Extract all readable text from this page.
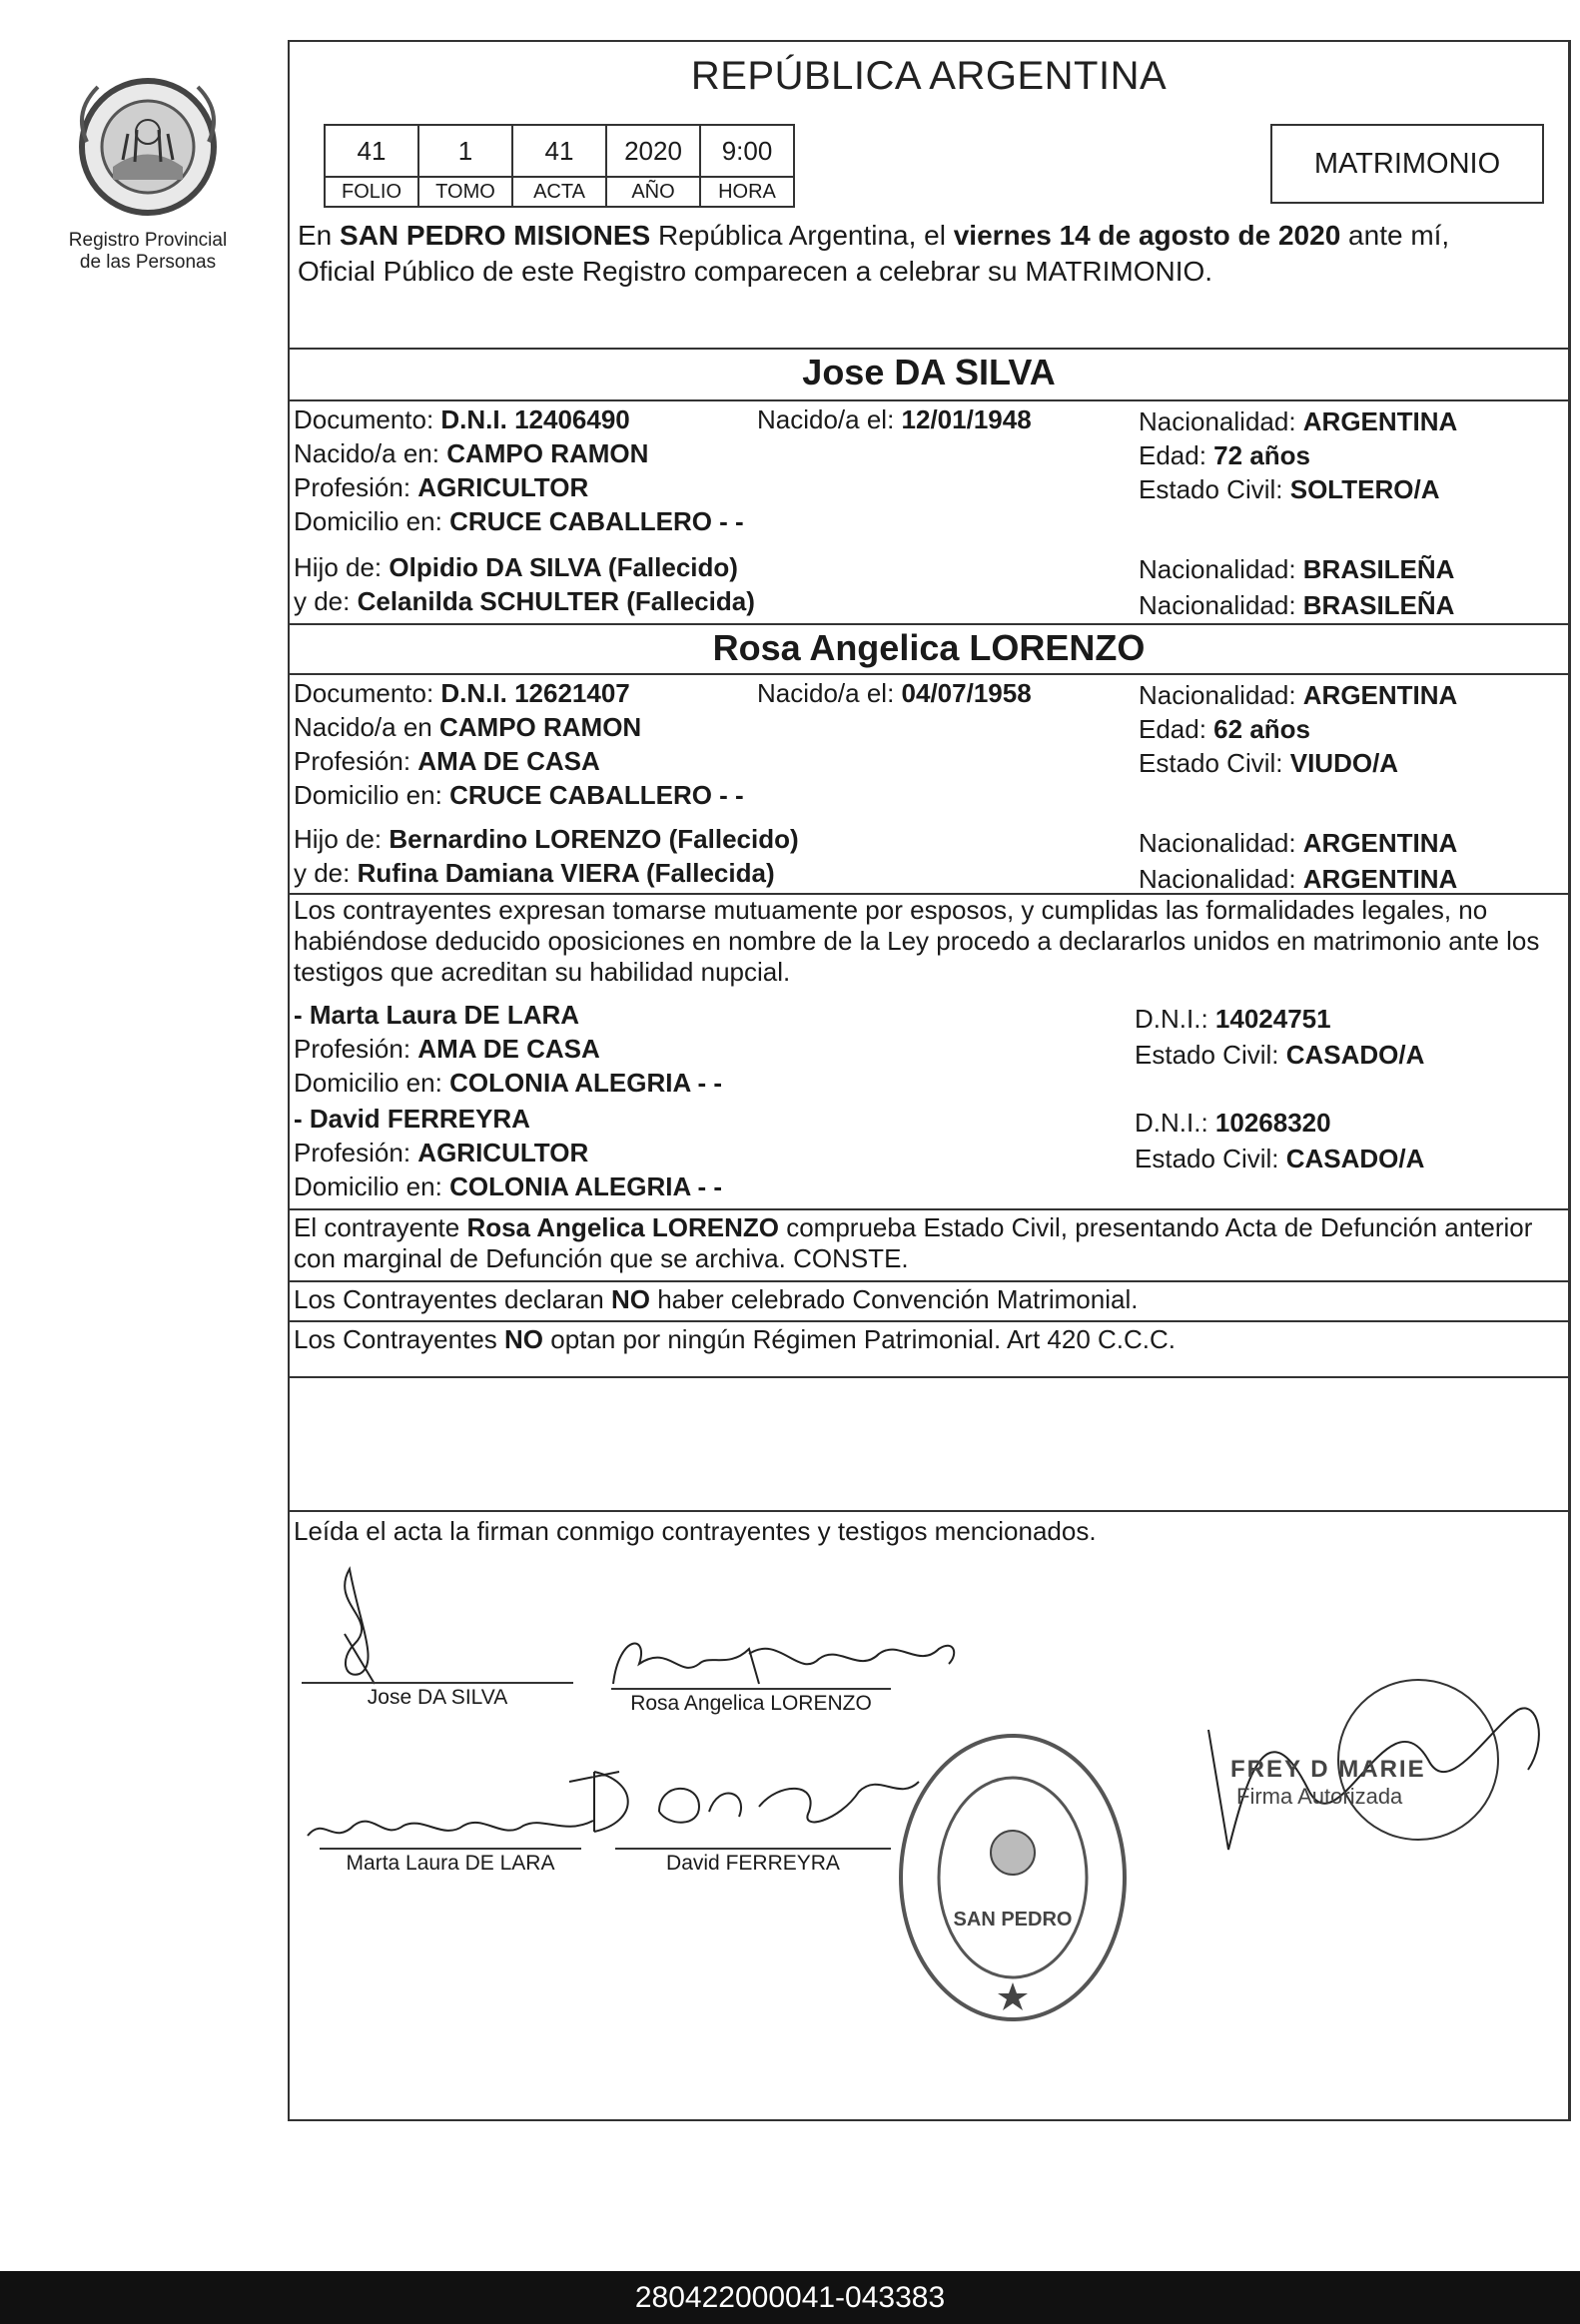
Registro Provincial
de las Personas
REPÚBLICA ARGENTINA
41	1	41	2020	9:00
FOLIO	TOMO	ACTA	AÑO	HORA
MATRIMONIO
En SAN PEDRO MISIONES República Argentina, el viernes 14 de agosto de 2020 ante mí,
Oficial Público de este Registro comparecen a celebrar su MATRIMONIO.
Jose DA SILVA
Documento: D.N.I. 12406490	Nacido/a el: 12/01/1948	Nacionalidad: ARGENTINA
Nacido/a en: CAMPO RAMON	Edad: 72 años
Profesión: AGRICULTOR	Estado Civil: SOLTERO/A
Domicilio en: CRUCE CABALLERO - -
Hijo de: Olpidio DA SILVA (Fallecido)	Nacionalidad: BRASILEÑA
y de: Celanilda SCHULTER (Fallecida)	Nacionalidad: BRASILEÑA
Rosa Angelica LORENZO
Documento: D.N.I. 12621407	Nacido/a el: 04/07/1958	Nacionalidad: ARGENTINA
Nacido/a en CAMPO RAMON	Edad: 62 años
Profesión: AMA DE CASA	Estado Civil: VIUDO/A
Domicilio en: CRUCE CABALLERO - -
Hijo de: Bernardino LORENZO (Fallecido)	Nacionalidad: ARGENTINA
y de: Rufina Damiana VIERA (Fallecida)	Nacionalidad: ARGENTINA
Los contrayentes expresan tomarse mutuamente por esposos, y cumplidas las formalidades legales, no habiéndose deducido oposiciones en nombre de la Ley procedo a declararlos unidos en matrimonio ante los testigos que acreditan su habilidad nupcial.
- Marta Laura DE LARA	D.N.I.: 14024751
Profesión: AMA DE CASA	Estado Civil: CASADO/A
Domicilio en: COLONIA ALEGRIA - -
- David FERREYRA	D.N.I.: 10268320
Profesión: AGRICULTOR	Estado Civil: CASADO/A
Domicilio en: COLONIA ALEGRIA - -
El contrayente Rosa Angelica LORENZO comprueba Estado Civil, presentando Acta de Defunción anterior con marginal de Defunción que se archiva. CONSTE.
Los Contrayentes declaran NO haber celebrado Convención Matrimonial.
Los Contrayentes NO optan por ningún Régimen Patrimonial. Art 420 C.C.C.
Leída el acta la firman conmigo contrayentes y testigos mencionados.
Jose DA SILVA	Rosa Angelica LORENZO
Marta Laura DE LARA	David FERREYRA
SAN PEDRO
FREY D MARIE
Firma Autorizada
280422000041-043383
